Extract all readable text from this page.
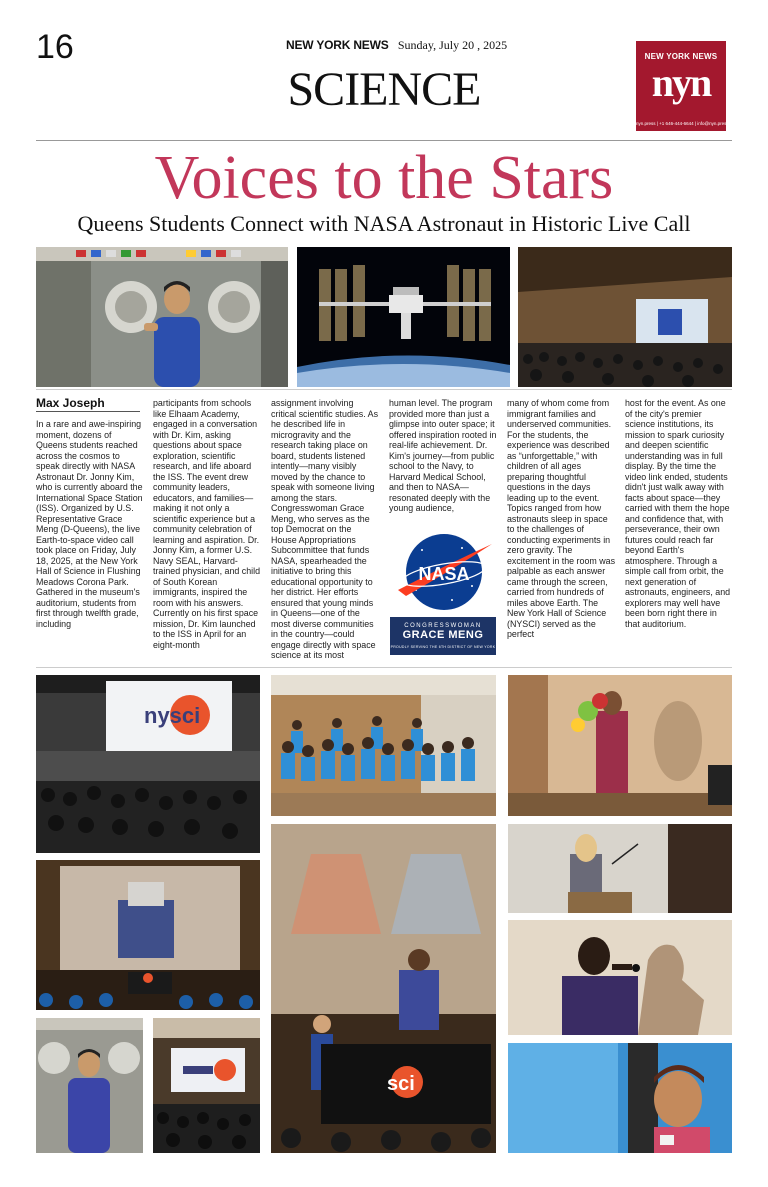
16	NEW YORK NEWS Sunday, July 20 , 2025
SCIENCE
NEW YORK NEWS
nyn
nyn.press | +1 646-444-6644 | info@nyn.press
Voices to the Stars
Queens Students Connect with NASA Astronaut in Historic Live Call
Max Joseph

In a rare and awe-inspiring moment, dozens of Queens students reached across the cosmos to speak directly with NASA Astronaut Dr. Jonny Kim, who is currently aboard the International Space Station (ISS). Organized by U.S. Representative Grace Meng (D-Queens), the live Earth-to-space video call took place on Friday, July 18, 2025, at the New York Hall of Science in Flushing Meadows Corona Park. Gathered in the museum's auditorium, students from first through twelfth grade, including

participants from schools like Elhaam Academy, engaged in a conversation with Dr. Kim, asking questions about space exploration, scientific research, and life aboard the ISS. The event drew community leaders, educators, and families—making it not only a scientific experience but a community celebration of learning and aspiration. Dr. Jonny Kim, a former U.S. Navy SEAL, Harvard-trained physician, and child of South Korean immigrants, inspired the room with his answers. Currently on his first space mission, Dr. Kim launched to the ISS in April for an eight-month

assignment involving critical scientific studies. As he described life in microgravity and the research taking place on board, students listened intently—many visibly moved by the chance to speak with someone living among the stars. Congresswoman Grace Meng, who serves as the top Democrat on the House Appropriations Subcommittee that funds NASA, spearheaded the initiative to bring this educational opportunity to her district. Her efforts ensured that young minds in Queens—one of the most diverse communities in the country—could engage directly with space science at its most

human level. The program provided more than just a glimpse into outer space; it offered inspiration rooted in real-life achievement. Dr. Kim's journey—from public school to the Navy, to Harvard Medical School, and then to NASA—resonated deeply with the young audience,

many of whom come from immigrant families and underserved communities. For the students, the experience was described as “unforgettable,” with children of all ages preparing thoughtful questions in the days leading up to the event. Topics ranged from how astronauts sleep in space to the challenges of conducting experiments in zero gravity. The excitement in the room was palpable as each answer came through the screen, carried from hundreds of miles above Earth. The New York Hall of Science (NYSCI) served as the perfect

host for the event. As one of the city's premier science institutions, its mission to spark curiosity and deepen scientific understanding was in full display. By the time the video link ended, students didn't just walk away with facts about space—they carried with them the hope and confidence that, with perseverance, their own futures could reach far beyond Earth's atmosphere. Through a simple call from orbit, the next generation of astronauts, engineers, and explorers may well have been born right there in that auditorium.

NASA
CONGRESSWOMAN
GRACE MENG
PROUDLY SERVING THE 6TH DISTRICT OF NEW YORK
nysci
sci
